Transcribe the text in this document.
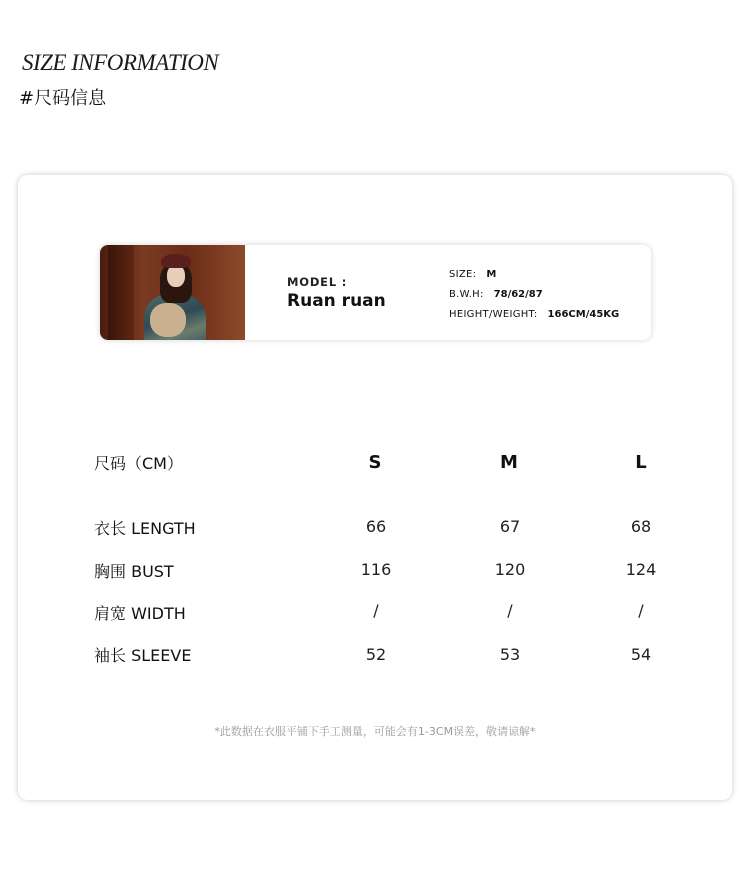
SIZE INFORMATION
#尺码信息
MODEL :
Ruan ruan
SIZE: M
B.W.H: 78/62/87
HEIGHT/WEIGHT: 166CM/45KG
尺码（CM）	S	M	L
衣长 LENGTH	66	67	68
胸围 BUST	116	120	124
肩宽 WIDTH	/	/	/
袖长 SLEEVE	52	53	54
*此数据在衣服平铺下手工测量，可能会有1-3CM误差，敬请谅解*
